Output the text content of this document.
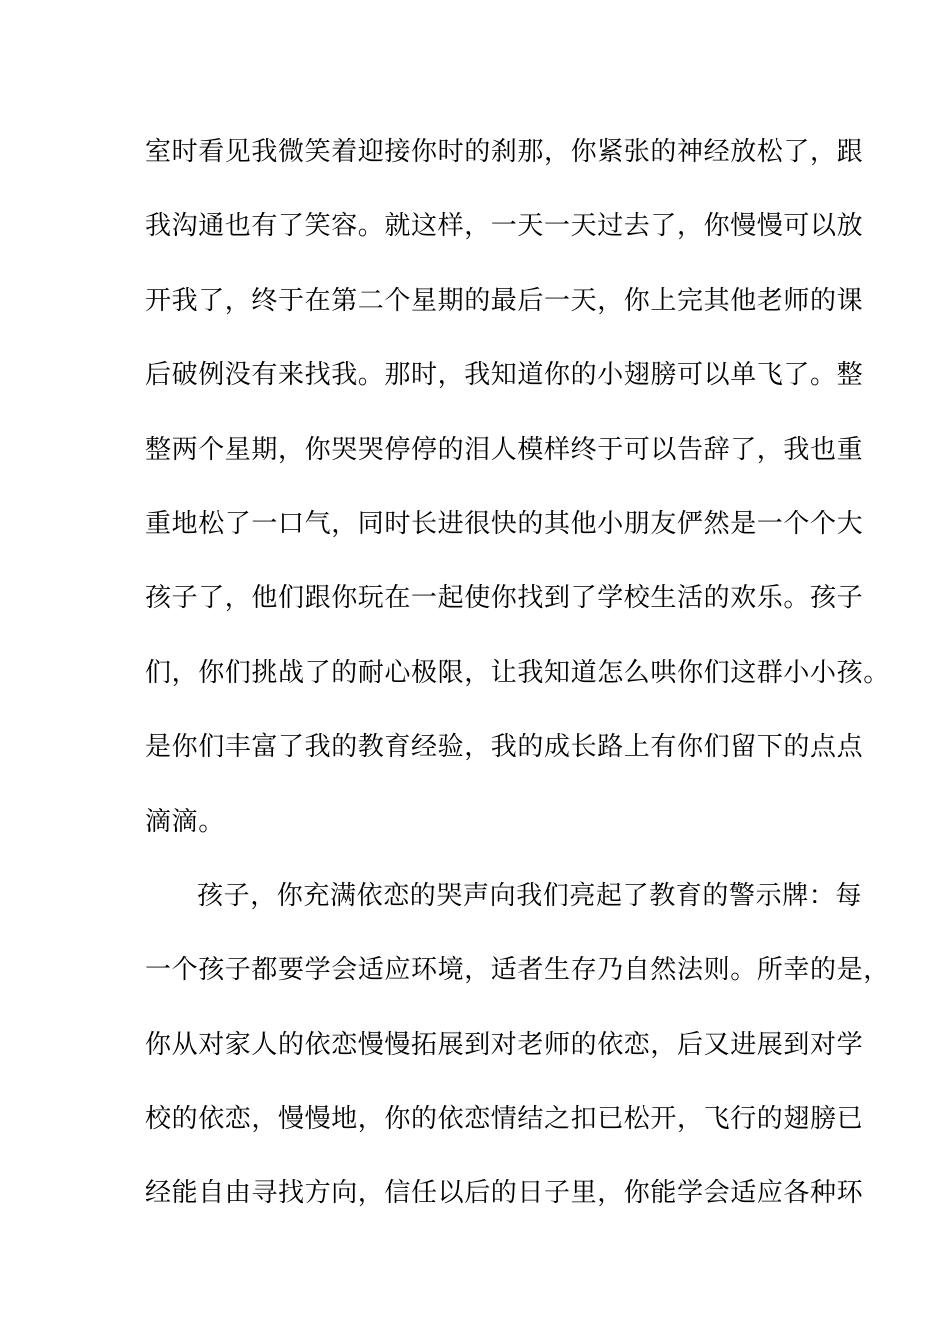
室时看见我微笑着迎接你时的刹那，你紧张的神经放松了，跟
我沟通也有了笑容。就这样，一天一天过去了，你慢慢可以放
开我了，终于在第二个星期的最后一天，你上完其他老师的课
后破例没有来找我。那时，我知道你的小翅膀可以单飞了。整
整两个星期，你哭哭停停的泪人模样终于可以告辞了，我也重
重地松了一口气，同时长进很快的其他小朋友俨然是一个个大
孩子了，他们跟你玩在一起使你找到了学校生活的欢乐。孩子
们，你们挑战了的耐心极限，让我知道怎么哄你们这群小小孩。
是你们丰富了我的教育经验，我的成长路上有你们留下的点点
滴滴。
孩子，你充满依恋的哭声向我们亮起了教育的警示牌：每
一个孩子都要学会适应环境，适者生存乃自然法则。所幸的是，
你从对家人的依恋慢慢拓展到对老师的依恋，后又进展到对学
校的依恋，慢慢地，你的依恋情结之扣已松开，飞行的翅膀已
经能自由寻找方向，信任以后的日子里，你能学会适应各种环
